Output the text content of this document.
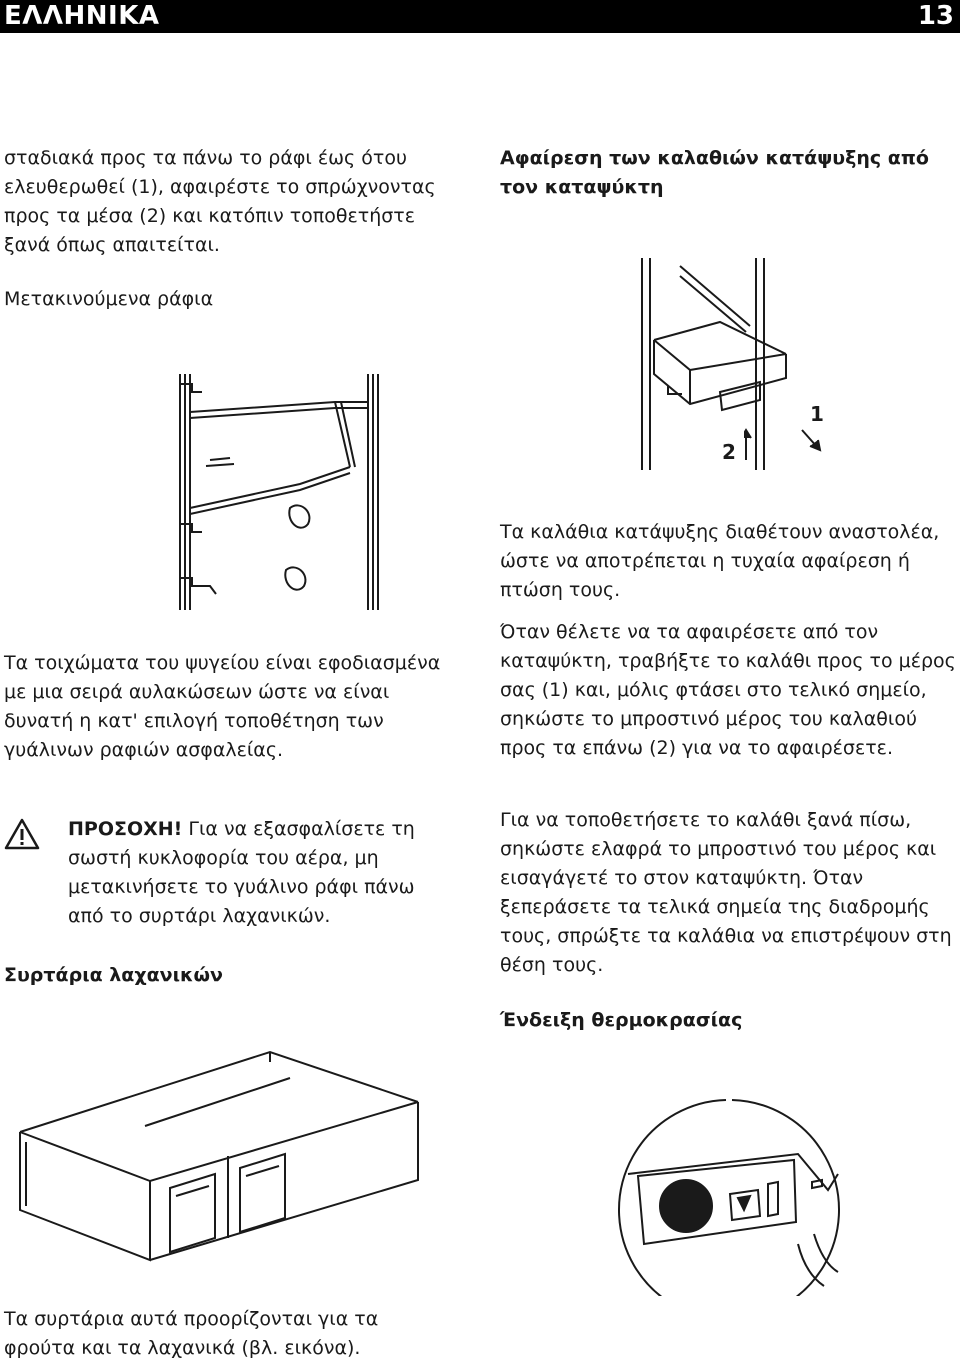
ΕΛΛΗΝΙΚΑ	13

σταδιακά προς τα πάνω το ράφι έως ότου ελευθερωθεί (1), αφαιρέστε το σπρώχνοντας προς τα μέσα (2) και κατόπιν τοποθετήστε ξανά όπως απαιτείται.

Μετακινούμενα ράφια

Τα τοιχώματα του ψυγείου είναι εφοδιασμένα με μια σειρά αυλακώσεων ώστε να είναι δυνατή η κατ' επιλογή τοποθέτηση των γυάλινων ραφιών ασφαλείας.

ΠΡΟΣΟΧΗ! Για να εξασφαλίσετε τη σωστή κυκλοφορία του αέρα, μη μετακινήσετε το γυάλινο ράφι πάνω από το συρτάρι λαχανικών.

Συρτάρια λαχανικών

Τα συρτάρια αυτά προορίζονται για τα φρούτα και τα λαχανικά (βλ. εικόνα).

Αφαίρεση των καλαθιών κατάψυξης από τον καταψύκτη

2
1

Τα καλάθια κατάψυξης διαθέτουν αναστολέα, ώστε να αποτρέπεται η τυχαία αφαίρεση ή πτώση τους.

Όταν θέλετε να τα αφαιρέσετε από τον καταψύκτη, τραβήξτε το καλάθι προς το μέρος σας (1) και, μόλις φτάσει στο τελικό σημείο, σηκώστε το μπροστινό μέρος του καλαθιού προς τα επάνω (2) για να το αφαιρέσετε.

Για να τοποθετήσετε το καλάθι ξανά πίσω, σηκώστε ελαφρά το μπροστινό του μέρος και εισαγάγετέ το στον καταψύκτη. Όταν ξεπεράσετε τα τελικά σημεία της διαδρομής τους, σπρώξτε τα καλάθια να επιστρέψουν στη θέση τους.

Ένδειξη θερμοκρασίας
